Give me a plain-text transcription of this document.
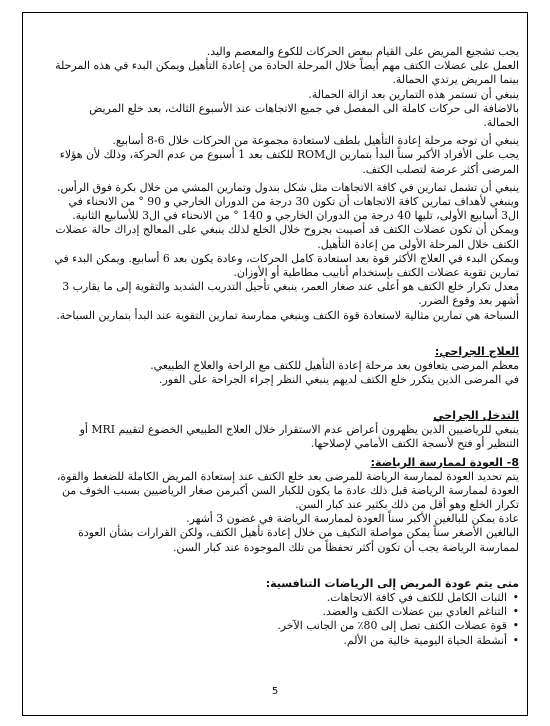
يجب تشجيع المريض على القيام ببعض الحركات للكوع والمعصم واليد.

العمل على عضلات الكتف مهم أيضاً خلال المرحلة الحادة من إعادة التأهيل ويمكن البدء في هذه المرحلة بينما المريض يرتدي الحمالة.

ينبغي أن تستمر هذه التمارين بعد ازالة الحمالة.

بالاضافة الى حركات كاملة الى المفصل في جميع الاتجاهات عند الأسبوع الثالث، بعد خلع المريض الحمالة.

ينبغي أن توجه مرحلة إعادة التأهيل بلطف لاستعادة مجموعة من الحركات خلال 6-8 أسابيع.

يجب على الأفراد الأكبر سناً البدأ بتمارين الROM للكتف بعد 1 أسبوع من عدم الحركة، وذلك لأن هؤلاء المرضى أكثر عرضة لتصلب الكتف.

ينبغي أن تشمل تمارين في كافة الاتجاهات مثل شكل بندول وتمارين المشي من خلال بكرة فوق الرأس.

وينبغي لأهداف تمارين كافة الاتجاهات أن تكون 30 درجة من الدوران الخارجي و 90 ° من الانحناء في ال3 أسابيع الأولى، تليها 40 درجة من الدوران الخارجي و 140 ° من الانحناء في ال3 للأسابيع الثانية.

ويمكن أن تكون عضلات الكتف قد أصيبت بجروح خلال الخلع لذلك ينبغي على المعالج إدراك حالة عضلات الكتف خلال المرحلة الأولى من إعادة التأهيل.

ويمكن البدء في العلاج الأكثر قوة بعد استعادة كامل الحركات، وعادة يكون بعد 6 أسابيع. ويمكن البدء في تمارين تقوية عضلات الكتف بإستخدام أنابيب مطاطية أو الأوزان.

معدل تكرار خلع الكتف هو أعلى عند صغار العمر، ينبغي تأجيل التدريب الشديد والتقوية إلى ما يقارب 3 أشهر بعد وقوع الضرر.

السباحة هي تمارين مثالية لاستعادة قوة الكتف وينبغي ممارسة تمارين التقوية عند البدأ بتمارين السباحة.

العلاج الجراحي:

معظم المرضى يتعافون بعد مرحلة إعادة التأهيل للكتف مع الراحة والعلاج الطبيعي.

في المرضى الذين يتكرر خلع الكتف لديهم ينبغي النظر إجراء الجراحة على الفور.

التدخل الجراحي

ينبغي للرياضيين الذين يظهرون أعراض عدم الاستقرار خلال العلاج الطبيعي الخضوع لتقييم MRI أو التنظير أو فتح لأنسجة الكتف الأمامي لإصلاحها.

8- العودة لممارسة الرياضة:

يتم تحديد العودة لممارسة الرياضة للمرضى بعد خلع الكتف عند إستعادة المريض الكاملة للضغط والقوة، العودة لممارسة الرياضة قبل ذلك عادة ما يكون للكبار السن أكبرمن صغار الرياضيين بسبب الخوف من تكرار الخلع وهو أقل من ذلك بكثير عند كبار السن.

عادة يمكن للبالغين الأكبر سناً العودة لممارسة الرياضة في غضون 3 أشهر.

البالغين الأصغر سناً يمكن مواصلة التكيف من خلال إعادة تأهيل الكتف، ولكن القرارات بشأن العودة لممارسة الرياضة يجب أن تكون أكثر تحفظاً من تلك الموجودة عند كبار السن.

متى يتم عودة المريض إلى الرياضات التنافسية:
•
الثبات الكامل للكتف في كافة الاتجاهات.
•
التناغم العادي بين عضلات الكتف والعضد.
•
قوة عضلات الكتف تصل إلى 80٪ من الجانب الآخر.
•
أنشطة الحياة اليومية خالية من الألم.
5
